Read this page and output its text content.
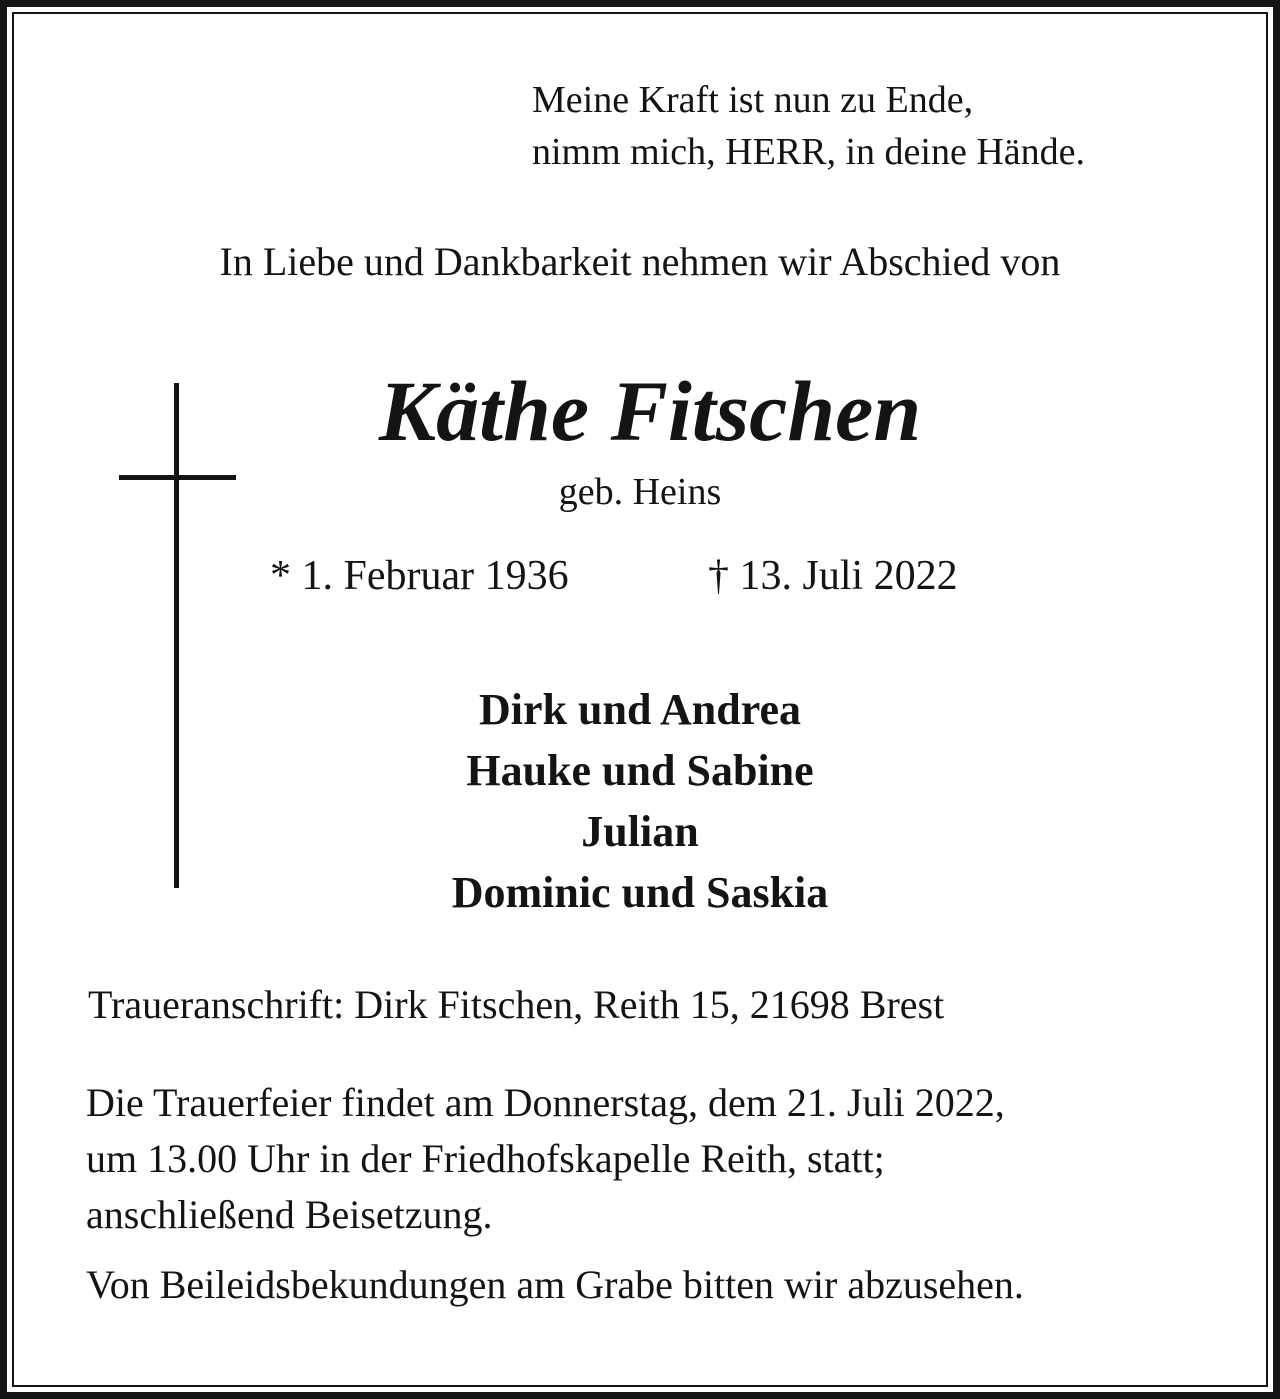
Meine Kraft ist nun zu Ende,

nimm mich, HERR, in deine Hände.

In Liebe und Dankbarkeit nehmen wir Abschied von

Käthe Fitschen

geb. Heins

* 1. Februar 1936	† 13. Juli 2022

Dirk und Andrea

Hauke und Sabine

Julian

Dominic und Saskia

Traueranschrift: Dirk Fitschen, Reith 15, 21698 Brest

Die Trauerfeier findet am Donnerstag, dem 21. Juli 2022,

um 13.00 Uhr in der Friedhofskapelle Reith, statt;

anschließend Beisetzung.

Von Beileidsbekundungen am Grabe bitten wir abzusehen.
